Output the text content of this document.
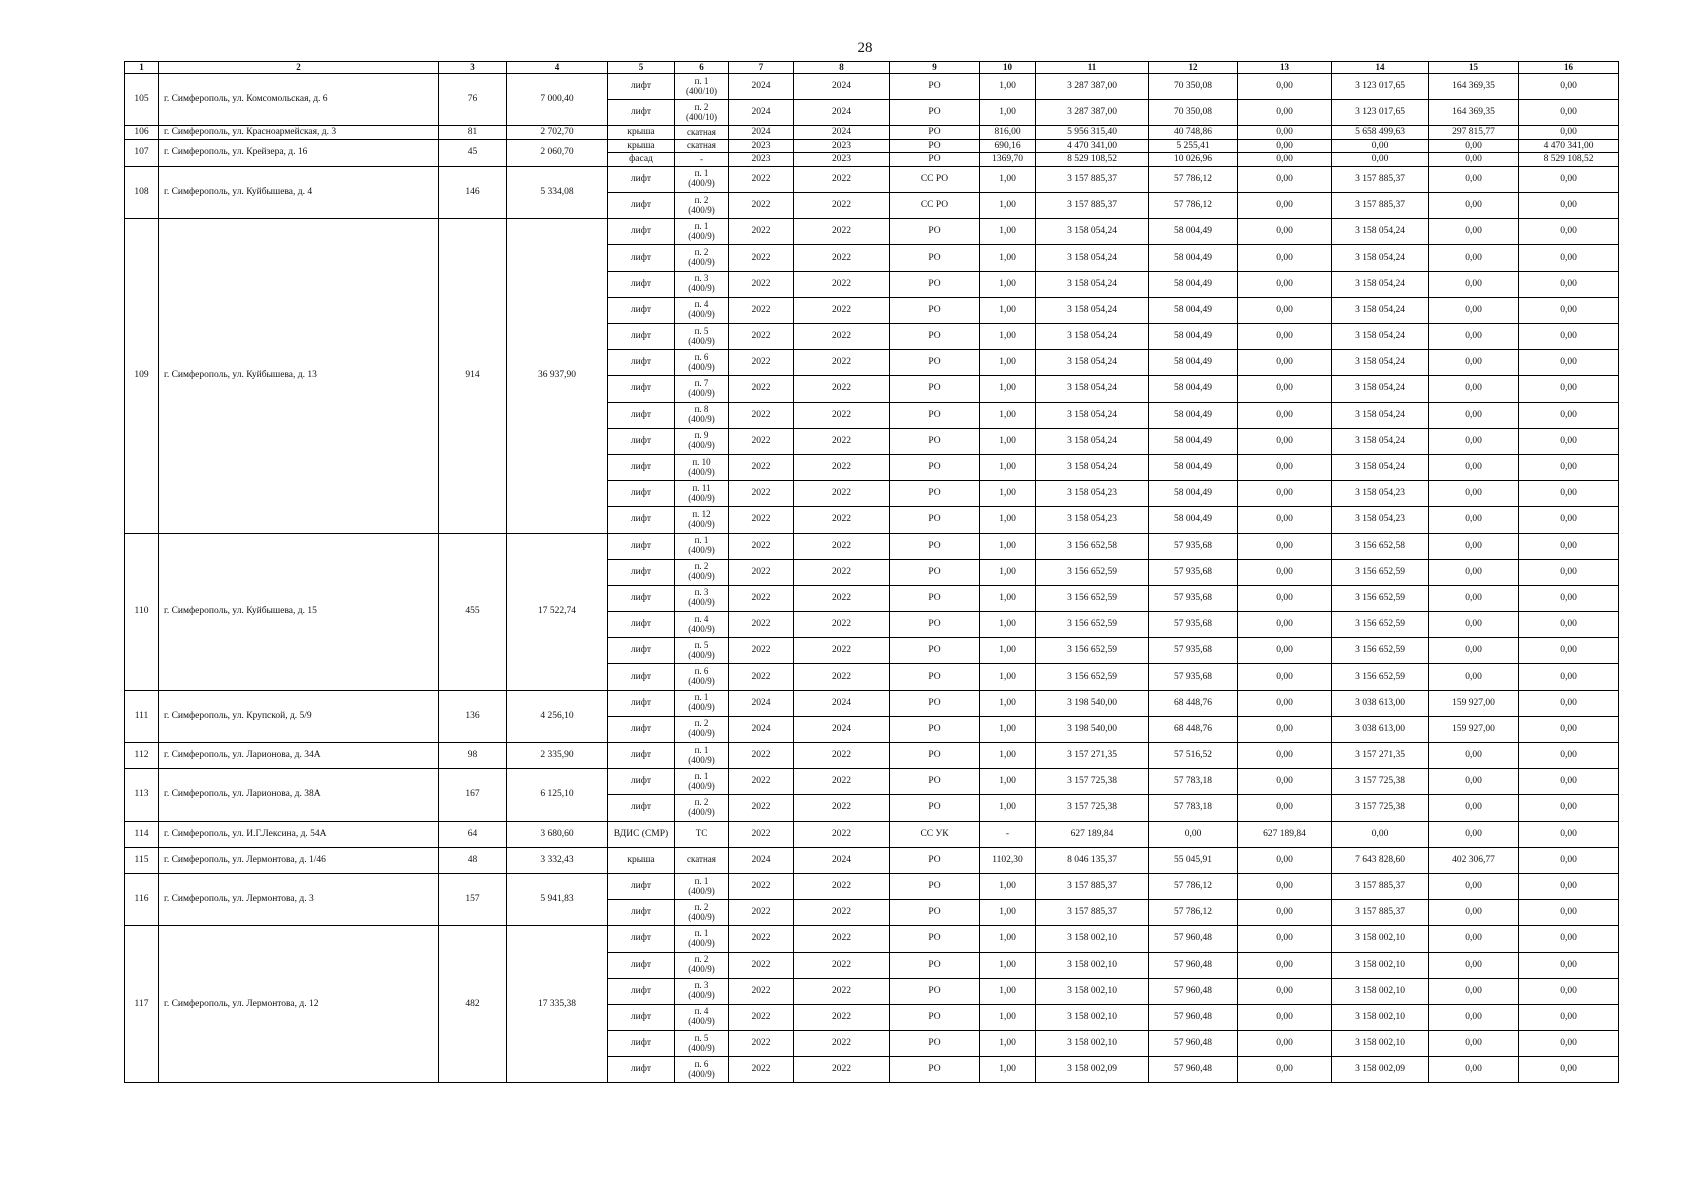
28
1	2	3	4	5	6	7	8	9	10	11	12	13	14	15	16
105	г. Симферополь, ул. Комсомольская, д. 6	76	7 000,40	лифт	п. 1
(400/10)	2024	2024	РО	1,00	3 287 387,00	70 350,08	0,00	3 123 017,65	164 369,35	0,00
				лифт	п. 2
(400/10)	2024	2024	РО	1,00	3 287 387,00	70 350,08	0,00	3 123 017,65	164 369,35	0,00
106	г. Симферополь, ул. Красноармейская, д. 3	81	2 702,70	крыша	скатная	2024	2024	РО	816,00	5 956 315,40	40 748,86	0,00	5 658 499,63	297 815,77	0,00
107	г. Симферополь, ул. Крейзера, д. 16	45	2 060,70	крыша	скатная	2023	2023	РО	690,16	4 470 341,00	5 255,41	0,00	0,00	0,00	4 470 341,00
				фасад	-	2023	2023	РО	1369,70	8 529 108,52	10 026,96	0,00	0,00	0,00	8 529 108,52
108	г. Симферополь, ул. Куйбышева, д. 4	146	5 334,08	лифт	п. 1
(400/9)	2022	2022	СС РО	1,00	3 157 885,37	57 786,12	0,00	3 157 885,37	0,00	0,00
				лифт	п. 2
(400/9)	2022	2022	СС РО	1,00	3 157 885,37	57 786,12	0,00	3 157 885,37	0,00	0,00
109	г. Симферополь, ул. Куйбышева, д. 13	914	36 937,90	лифт	п. 1
(400/9)	2022	2022	РО	1,00	3 158 054,24	58 004,49	0,00	3 158 054,24	0,00	0,00
				лифт	п. 2
(400/9)	2022	2022	РО	1,00	3 158 054,24	58 004,49	0,00	3 158 054,24	0,00	0,00
				лифт	п. 3
(400/9)	2022	2022	РО	1,00	3 158 054,24	58 004,49	0,00	3 158 054,24	0,00	0,00
				лифт	п. 4
(400/9)	2022	2022	РО	1,00	3 158 054,24	58 004,49	0,00	3 158 054,24	0,00	0,00
				лифт	п. 5
(400/9)	2022	2022	РО	1,00	3 158 054,24	58 004,49	0,00	3 158 054,24	0,00	0,00
				лифт	п. 6
(400/9)	2022	2022	РО	1,00	3 158 054,24	58 004,49	0,00	3 158 054,24	0,00	0,00
				лифт	п. 7
(400/9)	2022	2022	РО	1,00	3 158 054,24	58 004,49	0,00	3 158 054,24	0,00	0,00
				лифт	п. 8
(400/9)	2022	2022	РО	1,00	3 158 054,24	58 004,49	0,00	3 158 054,24	0,00	0,00
				лифт	п. 9
(400/9)	2022	2022	РО	1,00	3 158 054,24	58 004,49	0,00	3 158 054,24	0,00	0,00
				лифт	п. 10
(400/9)	2022	2022	РО	1,00	3 158 054,24	58 004,49	0,00	3 158 054,24	0,00	0,00
				лифт	п. 11
(400/9)	2022	2022	РО	1,00	3 158 054,23	58 004,49	0,00	3 158 054,23	0,00	0,00
				лифт	п. 12
(400/9)	2022	2022	РО	1,00	3 158 054,23	58 004,49	0,00	3 158 054,23	0,00	0,00
110	г. Симферополь, ул. Куйбышева, д. 15	455	17 522,74	лифт	п. 1
(400/9)	2022	2022	РО	1,00	3 156 652,58	57 935,68	0,00	3 156 652,58	0,00	0,00
				лифт	п. 2
(400/9)	2022	2022	РО	1,00	3 156 652,59	57 935,68	0,00	3 156 652,59	0,00	0,00
				лифт	п. 3
(400/9)	2022	2022	РО	1,00	3 156 652,59	57 935,68	0,00	3 156 652,59	0,00	0,00
				лифт	п. 4
(400/9)	2022	2022	РО	1,00	3 156 652,59	57 935,68	0,00	3 156 652,59	0,00	0,00
				лифт	п. 5
(400/9)	2022	2022	РО	1,00	3 156 652,59	57 935,68	0,00	3 156 652,59	0,00	0,00
				лифт	п. 6
(400/9)	2022	2022	РО	1,00	3 156 652,59	57 935,68	0,00	3 156 652,59	0,00	0,00
111	г. Симферополь, ул. Крупской, д. 5/9	136	4 256,10	лифт	п. 1
(400/9)	2024	2024	РО	1,00	3 198 540,00	68 448,76	0,00	3 038 613,00	159 927,00	0,00
				лифт	п. 2
(400/9)	2024	2024	РО	1,00	3 198 540,00	68 448,76	0,00	3 038 613,00	159 927,00	0,00
112	г. Симферополь, ул. Ларионова, д. 34А	98	2 335,90	лифт	п. 1
(400/9)	2022	2022	РО	1,00	3 157 271,35	57 516,52	0,00	3 157 271,35	0,00	0,00
113	г. Симферополь, ул. Ларионова, д. 38А	167	6 125,10	лифт	п. 1
(400/9)	2022	2022	РО	1,00	3 157 725,38	57 783,18	0,00	3 157 725,38	0,00	0,00
				лифт	п. 2
(400/9)	2022	2022	РО	1,00	3 157 725,38	57 783,18	0,00	3 157 725,38	0,00	0,00
114	г. Симферополь, ул. И.Г.Лексина, д. 54А	64	3 680,60	ВДИС (СМР)	ТС	2022	2022	СС УК	-	627 189,84	0,00	627 189,84	0,00	0,00	0,00
115	г. Симферополь, ул. Лермонтова, д. 1/46	48	3 332,43	крыша	скатная	2024	2024	РО	1102,30	8 046 135,37	55 045,91	0,00	7 643 828,60	402 306,77	0,00
116	г. Симферополь, ул. Лермонтова, д. 3	157	5 941,83	лифт	п. 1
(400/9)	2022	2022	РО	1,00	3 157 885,37	57 786,12	0,00	3 157 885,37	0,00	0,00
				лифт	п. 2
(400/9)	2022	2022	РО	1,00	3 157 885,37	57 786,12	0,00	3 157 885,37	0,00	0,00
117	г. Симферополь, ул. Лермонтова, д. 12	482	17 335,38	лифт	п. 1
(400/9)	2022	2022	РО	1,00	3 158 002,10	57 960,48	0,00	3 158 002,10	0,00	0,00
				лифт	п. 2
(400/9)	2022	2022	РО	1,00	3 158 002,10	57 960,48	0,00	3 158 002,10	0,00	0,00
				лифт	п. 3
(400/9)	2022	2022	РО	1,00	3 158 002,10	57 960,48	0,00	3 158 002,10	0,00	0,00
				лифт	п. 4
(400/9)	2022	2022	РО	1,00	3 158 002,10	57 960,48	0,00	3 158 002,10	0,00	0,00
				лифт	п. 5
(400/9)	2022	2022	РО	1,00	3 158 002,10	57 960,48	0,00	3 158 002,10	0,00	0,00
				лифт	п. 6
(400/9)	2022	2022	РО	1,00	3 158 002,09	57 960,48	0,00	3 158 002,09	0,00	0,00
